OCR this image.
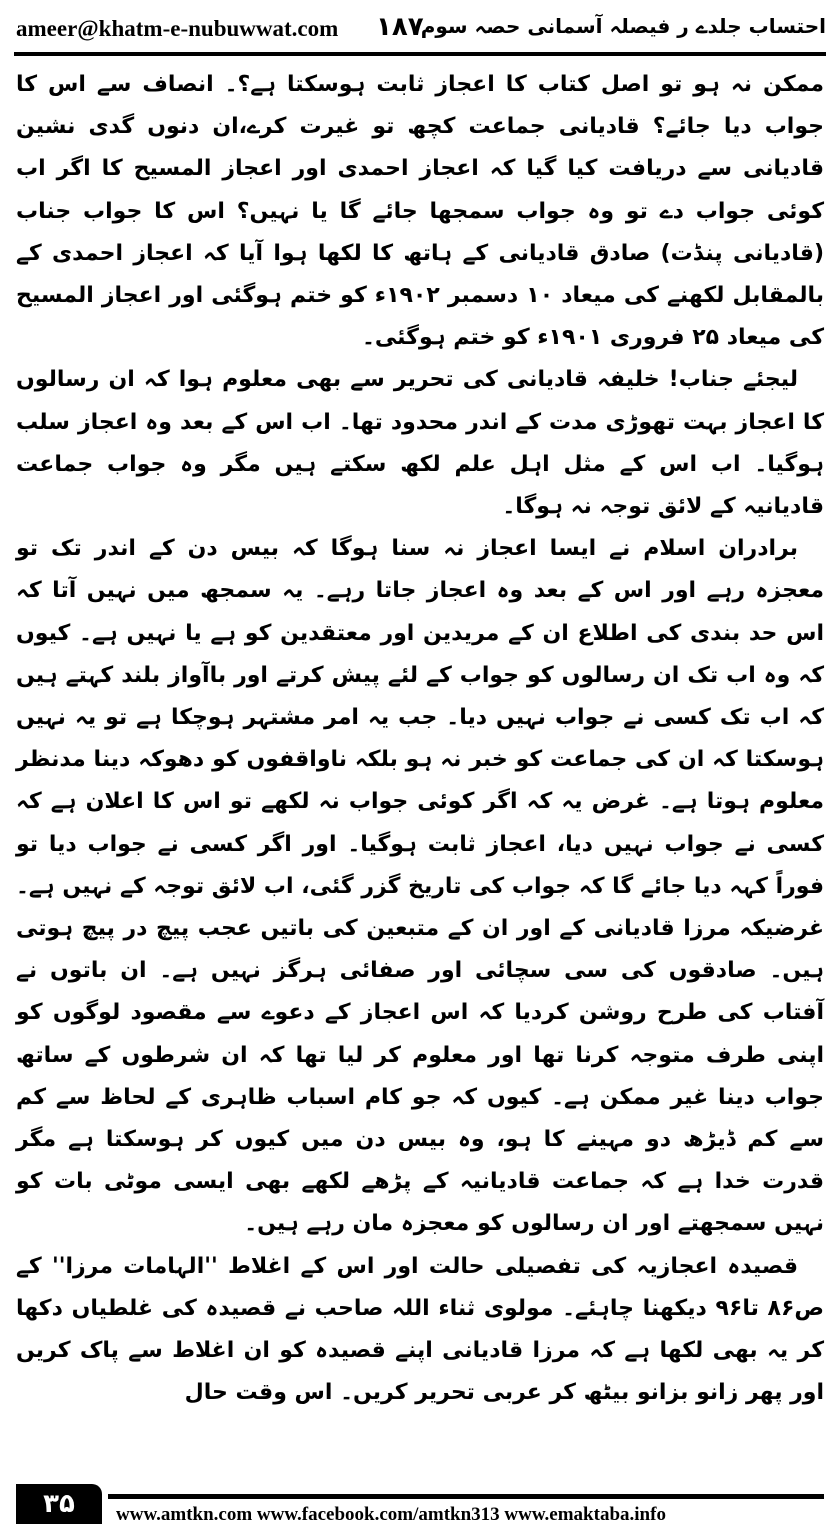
ameer@khatm-e-nubuwwat.com ۱۸۷
احتساب جلدے ر فیصلہ آسمانی حصہ سوم

ممکن نہ ہو تو اصل کتاب کا اعجاز ثابت ہوسکتا ہے؟۔ انصاف سے اس کا جواب دیا جائے؟ قادیانی جماعت کچھ تو غیرت کرے،ان دنوں گدی نشین قادیانی سے دریافت کیا گیا کہ اعجاز احمدی اور اعجاز المسیح کا اگر اب کوئی جواب دے تو وہ جواب سمجھا جائے گا یا نہیں؟ اس کا جواب جناب (قادیانی پنڈت) صادق قادیانی کے ہاتھ کا لکھا ہوا آیا کہ اعجاز احمدی کے بالمقابل لکھنے کی میعاد ۱۰ دسمبر ۱۹۰۲ء کو ختم ہوگئی اور اعجاز المسیح کی میعاد ۲۵ فروری ۱۹۰۱ء کو ختم ہوگئی۔

لیجئے جناب! خلیفہ قادیانی کی تحریر سے بھی معلوم ہوا کہ ان رسالوں کا اعجاز بہت تھوڑی مدت کے اندر محدود تھا۔ اب اس کے بعد وہ اعجاز سلب ہوگیا۔ اب اس کے مثل اہل علم لکھ سکتے ہیں مگر وہ جواب جماعت قادیانیہ کے لائق توجہ نہ ہوگا۔

برادران اسلام نے ایسا اعجاز نہ سنا ہوگا کہ بیس دن کے اندر تک تو معجزہ رہے اور اس کے بعد وہ اعجاز جاتا رہے۔ یہ سمجھ میں نہیں آتا کہ اس حد بندی کی اطلاع ان کے مریدین اور معتقدین کو ہے یا نہیں ہے۔ کیوں کہ وہ اب تک ان رسالوں کو جواب کے لئے پیش کرتے اور باآواز بلند کہتے ہیں کہ اب تک کسی نے جواب نہیں دیا۔ جب یہ امر مشتہر ہوچکا ہے تو یہ نہیں ہوسکتا کہ ان کی جماعت کو خبر نہ ہو بلکہ ناواقفوں کو دھوکہ دینا مدنظر معلوم ہوتا ہے۔ غرض یہ کہ اگر کوئی جواب نہ لکھے تو اس کا اعلان ہے کہ کسی نے جواب نہیں دیا، اعجاز ثابت ہوگیا۔ اور اگر کسی نے جواب دیا تو فوراً کہہ دیا جائے گا کہ جواب کی تاریخ گزر گئی، اب لائق توجہ کے نہیں ہے۔ غرضیکہ مرزا قادیانی کے اور ان کے متبعین کی باتیں عجب پیچ در پیچ ہوتی ہیں۔ صادقوں کی سی سچائی اور صفائی ہرگز نہیں ہے۔ ان باتوں نے آفتاب کی طرح روشن کردیا کہ اس اعجاز کے دعوے سے مقصود لوگوں کو اپنی طرف متوجہ کرنا تھا اور معلوم کر لیا تھا کہ ان شرطوں کے ساتھ جواب دینا غیر ممکن ہے۔ کیوں کہ جو کام اسباب ظاہری کے لحاظ سے کم سے کم ڈیڑھ دو مہینے کا ہو، وہ بیس دن میں کیوں کر ہوسکتا ہے مگر قدرت خدا ہے کہ جماعت قادیانیہ کے پڑھے لکھے بھی ایسی موٹی بات کو نہیں سمجھتے اور ان رسالوں کو معجزہ مان رہے ہیں۔

قصیدہ اعجازیہ کی تفصیلی حالت اور اس کے اغلاط ''الہامات مرزا'' کے ص۸۶ تا۹۶ دیکھنا چاہئے۔ مولوی ثناء اللہ صاحب نے قصیدہ کی غلطیاں دکھا کر یہ بھی لکھا ہے کہ مرزا قادیانی اپنے قصیدہ کو ان اغلاط سے پاک کریں اور پھر زانو بزانو بیٹھ کر عربی تحریر کریں۔ اس وقت حال

۳۵	www.amtkn.com www.facebook.com/amtkn313 www.emaktaba.info
